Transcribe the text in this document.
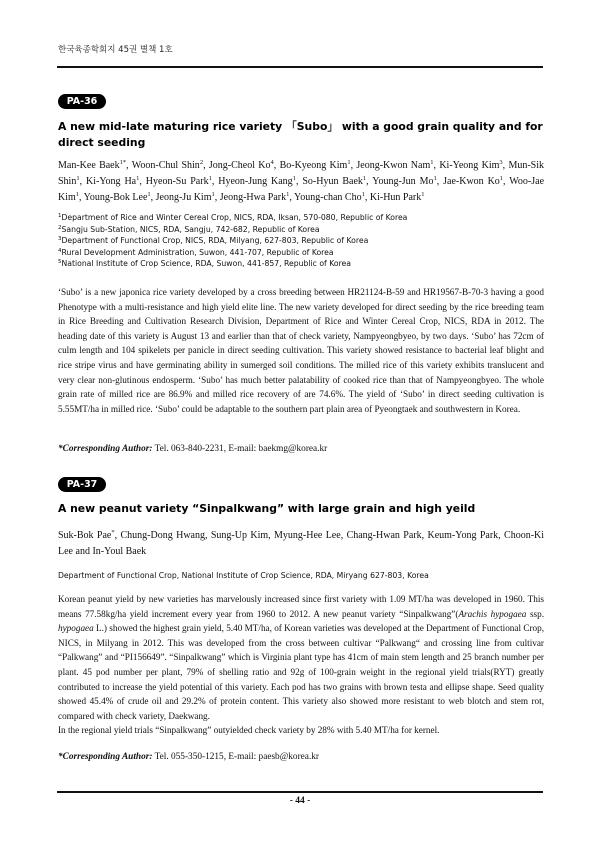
한국육종학회지 45권 별책 1호
PA-36
A new mid-late maturing rice variety 「Subo」 with a good grain quality and for direct seeding
Man-Kee Baek$^{1*}$, Woon-Chul Shin$^2$, Jong-Cheol Ko$^4$, Bo-Kyeong Kim$^1$, Jeong-Kwon Nam$^1$, Ki-Yeong Kim$^3$, Mun-Sik Shin$^1$, Ki-Yong Ha$^1$, Hyeon-Su Park$^1$, Hyeon-Jung Kang$^1$, So-Hyun Baek$^1$, Young-Jun Mo$^1$, Jae-Kwon Ko$^1$, Woo-Jae Kim$^1$, Young-Bok Lee$^1$, Jeong-Ju Kim$^1$, Jeong-Hwa Park$^1$, Young-chan Cho$^1$, Ki-Hun Park$^1$
$^1$Department of Rice and Winter Cereal Crop, NICS, RDA, Iksan, 570-080, Republic of Korea
$^2$Sangju Sub-Station, NICS, RDA, Sangju, 742-682, Republic of Korea
$^3$Department of Functional Crop, NICS, RDA, Milyang, 627-803, Republic of Korea
$^4$Rural Development Administration, Suwon, 441-707, Republic of Korea
$^5$National Institute of Crop Science, RDA, Suwon, 441-857, Republic of Korea

‘Subo’ is a new japonica rice variety developed by a cross breeding between HR21124-B-59 and HR19567-B-70-3 having a good Phenotype with a multi-resistance and high yield elite line. The new variety developed for direct seeding by the rice breeding team in Rice Breeding and Cultivation Research Division, Department of Rice and Winter Cereal Crop, NICS, RDA in 2012. The heading date of this variety is August 13 and earlier than that of check variety, Nampyeongbyeo, by two days. ‘Subo’ has 72cm of culm length and 104 spikelets per panicle in direct seeding cultivation. This variety showed resistance to bacterial leaf blight and rice stripe virus and have germinating ability in sumerged soil conditions. The milled rice of this variety exhibits translucent and very clear non-glutinous endosperm. ‘Subo’ has much better palatability of cooked rice than that of Nampyeongbyeo. The whole grain rate of milled rice are 86.9% and milled rice recovery of are 74.6%. The yield of ‘Subo’ in direct seeding cultivation is 5.55MT/ha in milled rice. ‘Subo’ could be adaptable to the southern part plain area of Pyeongtaek and southwestern in Korea.

*Corresponding Author: Tel. 063-840-2231, E-mail: baekmg@korea.kr
PA-37
A new peanut variety “Sinpalkwang” with large grain and high yeild
Suk-Bok Pae*, Chung-Dong Hwang, Sung-Up Kim, Myung-Hee Lee, Chang-Hwan Park, Keum-Yong Park, Choon-Ki Lee and In-Youl Baek
Department of Functional Crop, National Institute of Crop Science, RDA, Miryang 627-803, Korea
Korean peanut yield by new varieties has marvelously increased since first variety with 1.09 MT/ha was developed in 1960. This means 77.58kg/ha yield increment every year from 1960 to 2012. A new peanut variety “Sinpalkwang”(Arachis hypogaea ssp. hypogaea L.) showed the highest grain yield, 5.40 MT/ha, of Korean varieties was developed at the Department of Functional Crop, NICS, in Milyang in 2012. This was developed from the cross between cultivar “Palkwang“ and crossing line from cultivar “Palkwang” and “PI156649”. “Sinpalkwang” which is Virginia plant type has 41cm of main stem length and 25 branch number per plant. 45 pod number per plant, 79% of shelling ratio and 92g of 100-grain weight in the regional yield trials(RYT) greatly contributed to increase the yield potential of this variety. Each pod has two grains with brown testa and ellipse shape. Seed quality showed 45.4% of crude oil and 29.2% of protein content. This variety also showed more resistant to web blotch and stem rot, compared with check variety, Daekwang.
In the regional yield trials “Sinpalkwang” outyielded check variety by 28% with 5.40 MT/ha for kernel.
*Corresponding Author: Tel. 055-350-1215, E-mail: paesb@korea.kr
- 44 -
